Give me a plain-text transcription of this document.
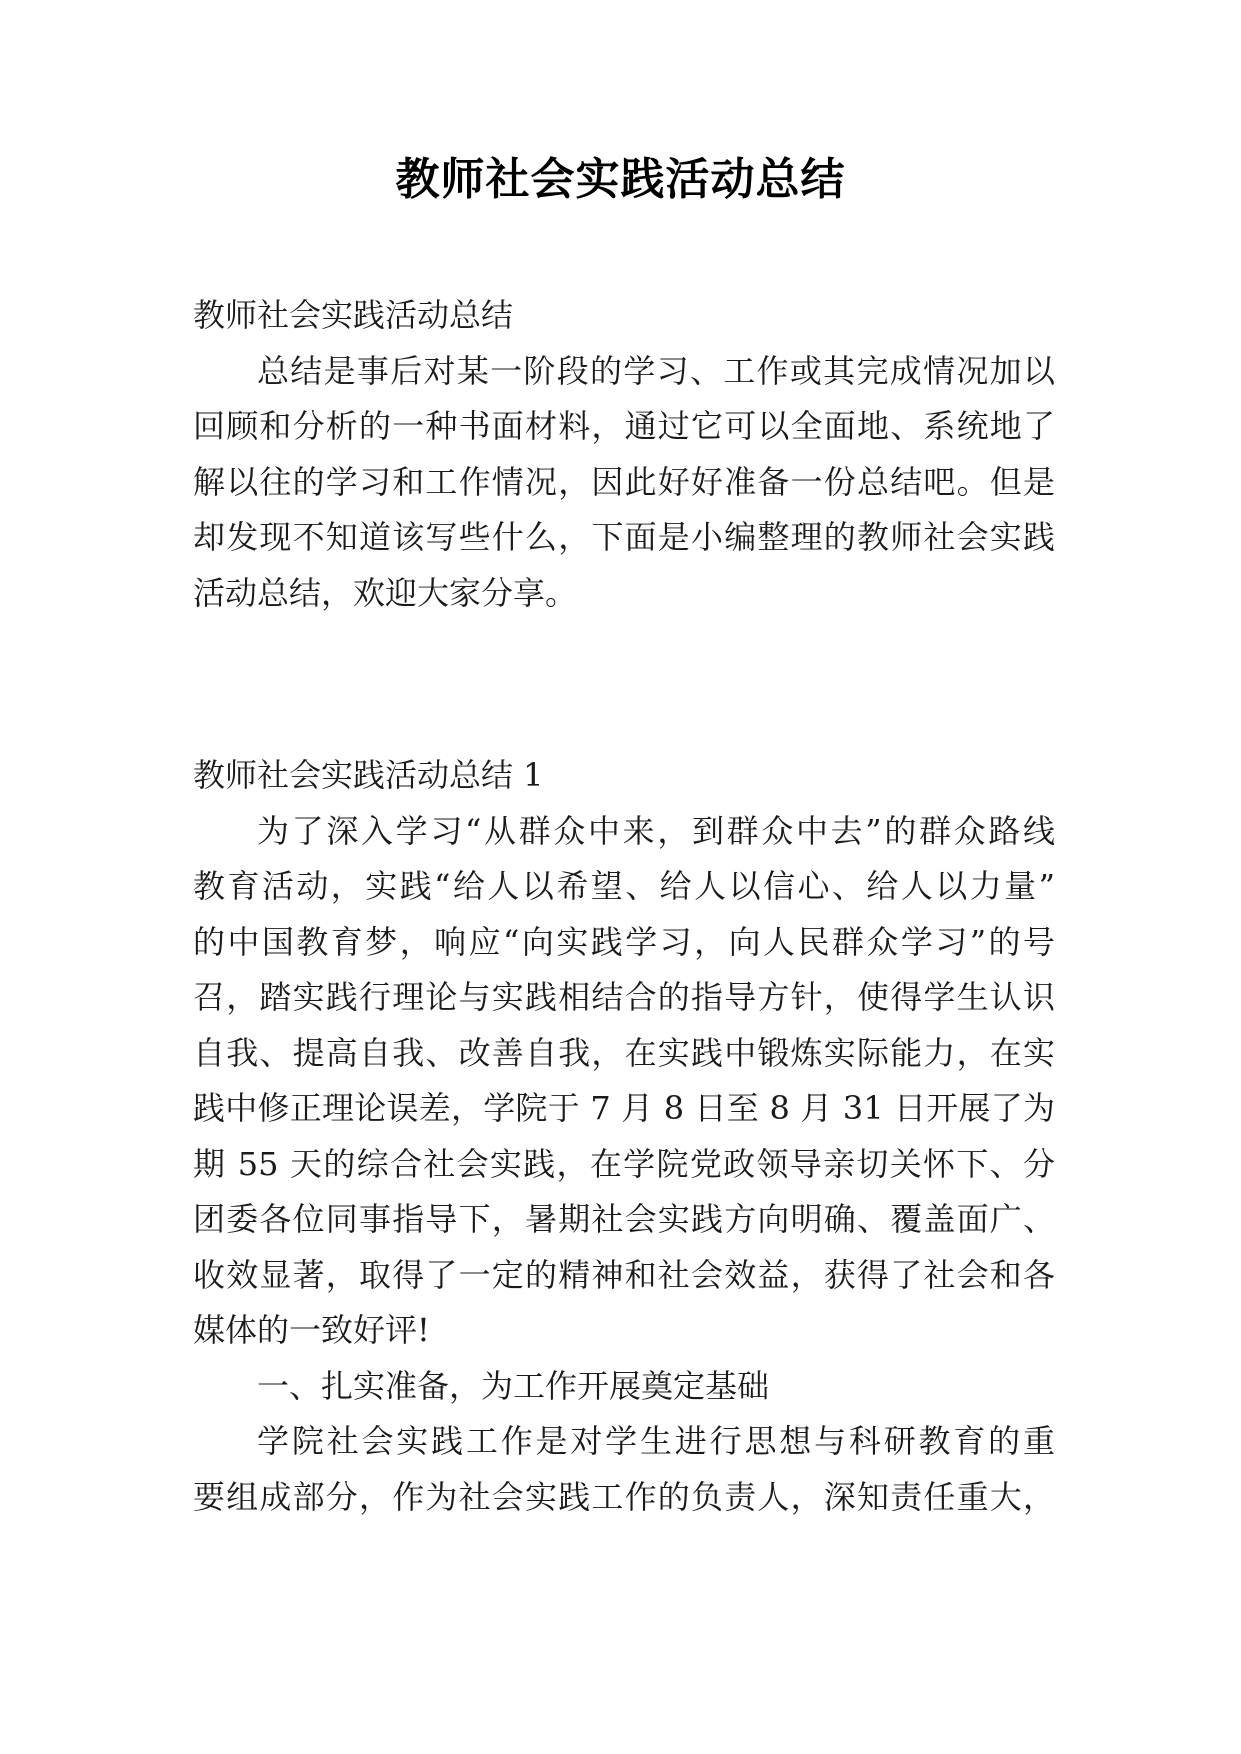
教师社会实践活动总结
教师社会实践活动总结
总结是事后对某一阶段的学习、工作或其完成情况加以
回顾和分析的一种书面材料，通过它可以全面地、系统地了
解以往的学习和工作情况，因此好好准备一份总结吧。但是
却发现不知道该写些什么，下面是小编整理的教师社会实践
活动总结，欢迎大家分享。
教师社会实践活动总结 1
为了深入学习“从群众中来，到群众中去”的群众路线
教育活动，实践“给人以希望、给人以信心、给人以力量”
的中国教育梦，响应“向实践学习，向人民群众学习”的号
召，踏实践行理论与实践相结合的指导方针，使得学生认识
自我、提高自我、改善自我，在实践中锻炼实际能力，在实
践中修正理论误差，学院于 7 月 8 日至 8 月 31 日开展了为
期 55 天的综合社会实践，在学院党政领导亲切关怀下、分
团委各位同事指导下，暑期社会实践方向明确、覆盖面广、
收效显著，取得了一定的精神和社会效益，获得了社会和各
媒体的一致好评!
一、扎实准备，为工作开展奠定基础
学院社会实践工作是对学生进行思想与科研教育的重
要组成部分，作为社会实践工作的负责人，深知责任重大，
